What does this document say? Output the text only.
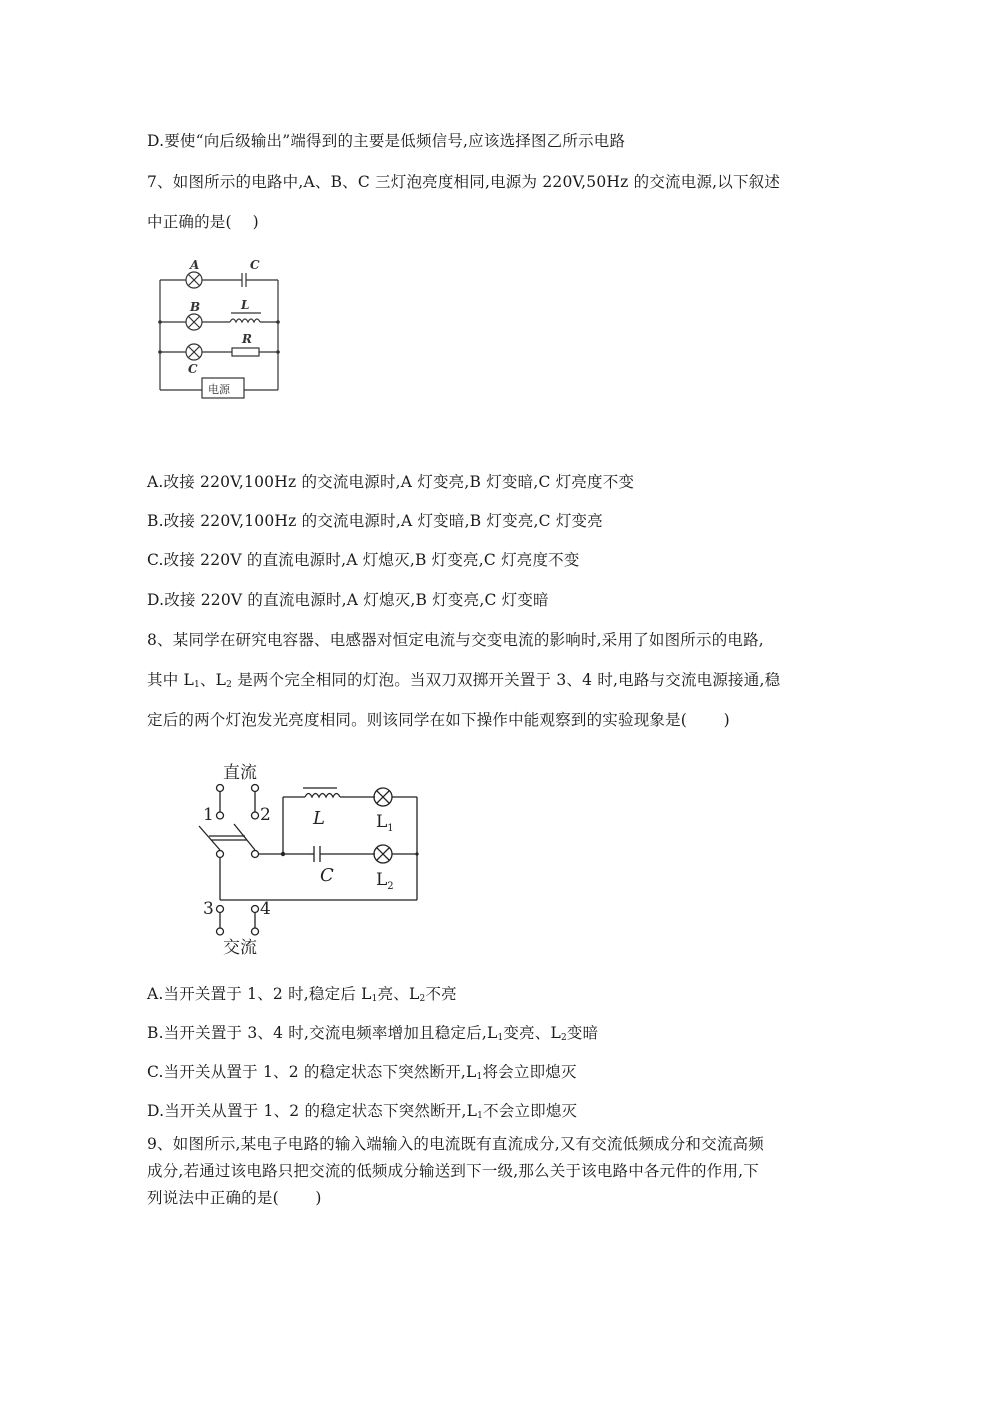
D.要使“向后级输出”端得到的主要是低频信号,应该选择图乙所示电路
7、如图所示的电路中,A、B、C 三灯泡亮度相同,电源为 220V,50Hz 的交流电源,以下叙述
中正确的是(　 )
A	C
B	L
R
C
电源
A.改接 220V,100Hz 的交流电源时,A 灯变亮,B 灯变暗,C 灯亮度不变
B.改接 220V,100Hz 的交流电源时,A 灯变暗,B 灯变亮,C 灯变亮
C.改接 220V 的直流电源时,A 灯熄灭,B 灯变亮,C 灯亮度不变
D.改接 220V 的直流电源时,A 灯熄灭,B 灯变亮,C 灯变暗
8、某同学在研究电容器、电感器对恒定电流与交变电流的影响时,采用了如图所示的电路,
其中 $L_1$、$L_2$ 是两个完全相同的灯泡。当双刀双掷开关置于 3、4 时,电路与交流电源接通,稳
定后的两个灯泡发光亮度相同。则该同学在如下操作中能观察到的实验现象是(　　 )
直流
1	2 L	$L_1$
C $L_2$
3	4
交流
A.当开关置于 1、2 时,稳定后 $L_1$亮、$L_2$不亮
B.当开关置于 3、4 时,交流电频率增加且稳定后$,L_1$变亮、$L_2$变暗
C.当开关从置于 1、2 的稳定状态下突然断开$,L_1$将会立即熄灭
D.当开关从置于 1、2 的稳定状态下突然断开$,L_1$不会立即熄灭
9、如图所示,某电子电路的输入端输入的电流既有直流成分,又有交流低频成分和交流高频
成分,若通过该电路只把交流的低频成分输送到下一级,那么关于该电路中各元件的作用,下
列说法中正确的是(　　 )
